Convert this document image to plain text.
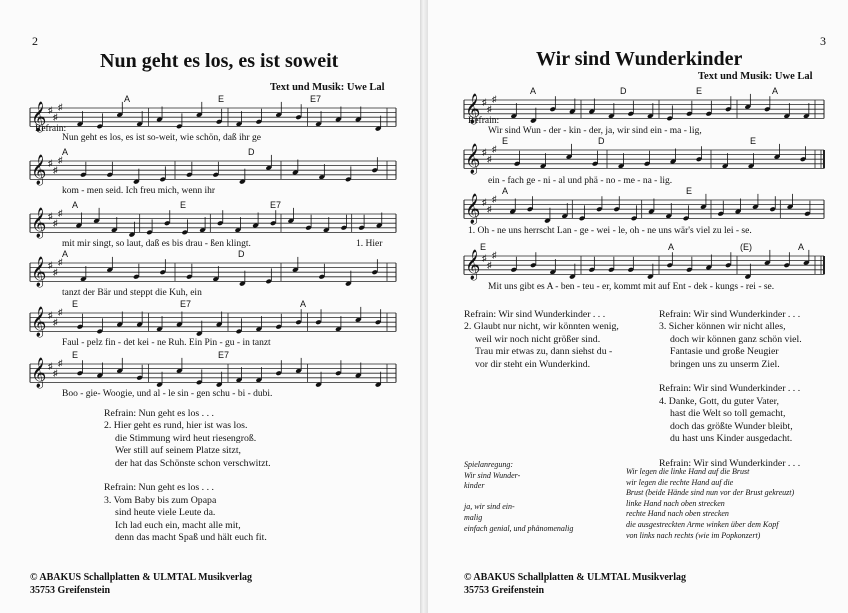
2
Nun geht es los, es ist soweit
Text und Musik: Uwe Lal
𝄞 ♯
♯
♯
A	E	E7
𝄞 ♯
♯
♯
A	D
𝄞 ♯
♯
♯
A	E	E7
𝄞 ♯
♯
♯
A	D
𝄞 ♯
♯
♯
E	E7	A
𝄞 ♯
♯
♯
E	E7
Nun geht es los, es ist so-weit, wie schön, daß ihr ge
kom - men seid. Ich freu mich, wenn ihr
mit mir singt, so laut, daß es bis drau - ßen klingt.
tanzt der Bär und steppt die Kuh, ein
Faul - pelz fin - det kei - ne Ruh. Ein Pin - gu - in tanzt
Boo - gie- Woogie, und al - le sin - gen schu - bi - dubi.
Refrain:
1. Hier
Refrain: Nun geht es los . . .
2. Hier geht es rund, hier ist was los.
die Stimmung wird heut riesengroß.
Wer still auf seinem Platze sitzt,
der hat das Schönste schon verschwitzt.

Refrain: Nun geht es los . . .
3. Vom Baby bis zum Opapa
sind heute viele Leute da.
Ich lad euch ein, macht alle mit,
denn das macht Spaß und hält euch fit.
© ABAKUS Schallplatten & ULMTAL Musikverlag
35753 Greifenstein
3
Wir sind Wunderkinder
Text und Musik: Uwe Lal
𝄞 ♯
♯
♯
A	D	E	A
𝄞 ♯
♯
♯
E	D	E
𝄞 ♯
♯
♯
A	E
𝄞 ♯
♯
♯
E	A	(E)	A
Wir sind Wun - der - kin - der, ja, wir sind ein - ma - lig,
ein - fach ge - ni - al und phä - no - me - na - lig.
1. Oh - ne uns herrscht Lan - ge - wei - le, oh - ne uns wär's viel zu lei - se.
Mit uns gibt es A - ben - teu - er, kommt mit auf Ent - dek - kungs - rei - se.
Refrain:
Refrain: Wir sind Wunderkinder . . .
2. Glaubt nur nicht, wir könnten wenig,
weil wir noch nicht größer sind.
Trau mir etwas zu, dann siehst du -
vor dir steht ein Wunderkind.
Refrain: Wir sind Wunderkinder . . .
3. Sicher können wir nicht alles,
doch wir können ganz schön viel.
Fantasie und große Neugier
bringen uns zu unserm Ziel.

Refrain: Wir sind Wunderkinder . . .
4. Danke, Gott, du guter Vater,
hast die Welt so toll gemacht,
doch das größte Wunder bleibt,
du hast uns Kinder ausgedacht.

Refrain: Wir sind Wunderkinder . . .
Spielanregung:
Wir sind Wunder-
kinder

ja, wir sind ein-
malig
einfach genial, und phänomenalig
Wir legen die linke Hand auf die Brust
wir legen die rechte Hand auf die
Brust (beide Hände sind nun vor der Brust gekreuzt)
linke Hand nach oben strecken
rechte Hand nach oben strecken
die ausgestreckten Arme winken über dem Kopf
von links nach rechts (wie im Popkonzert)
© ABAKUS Schallplatten & ULMTAL Musikverlag
35753 Greifenstein
